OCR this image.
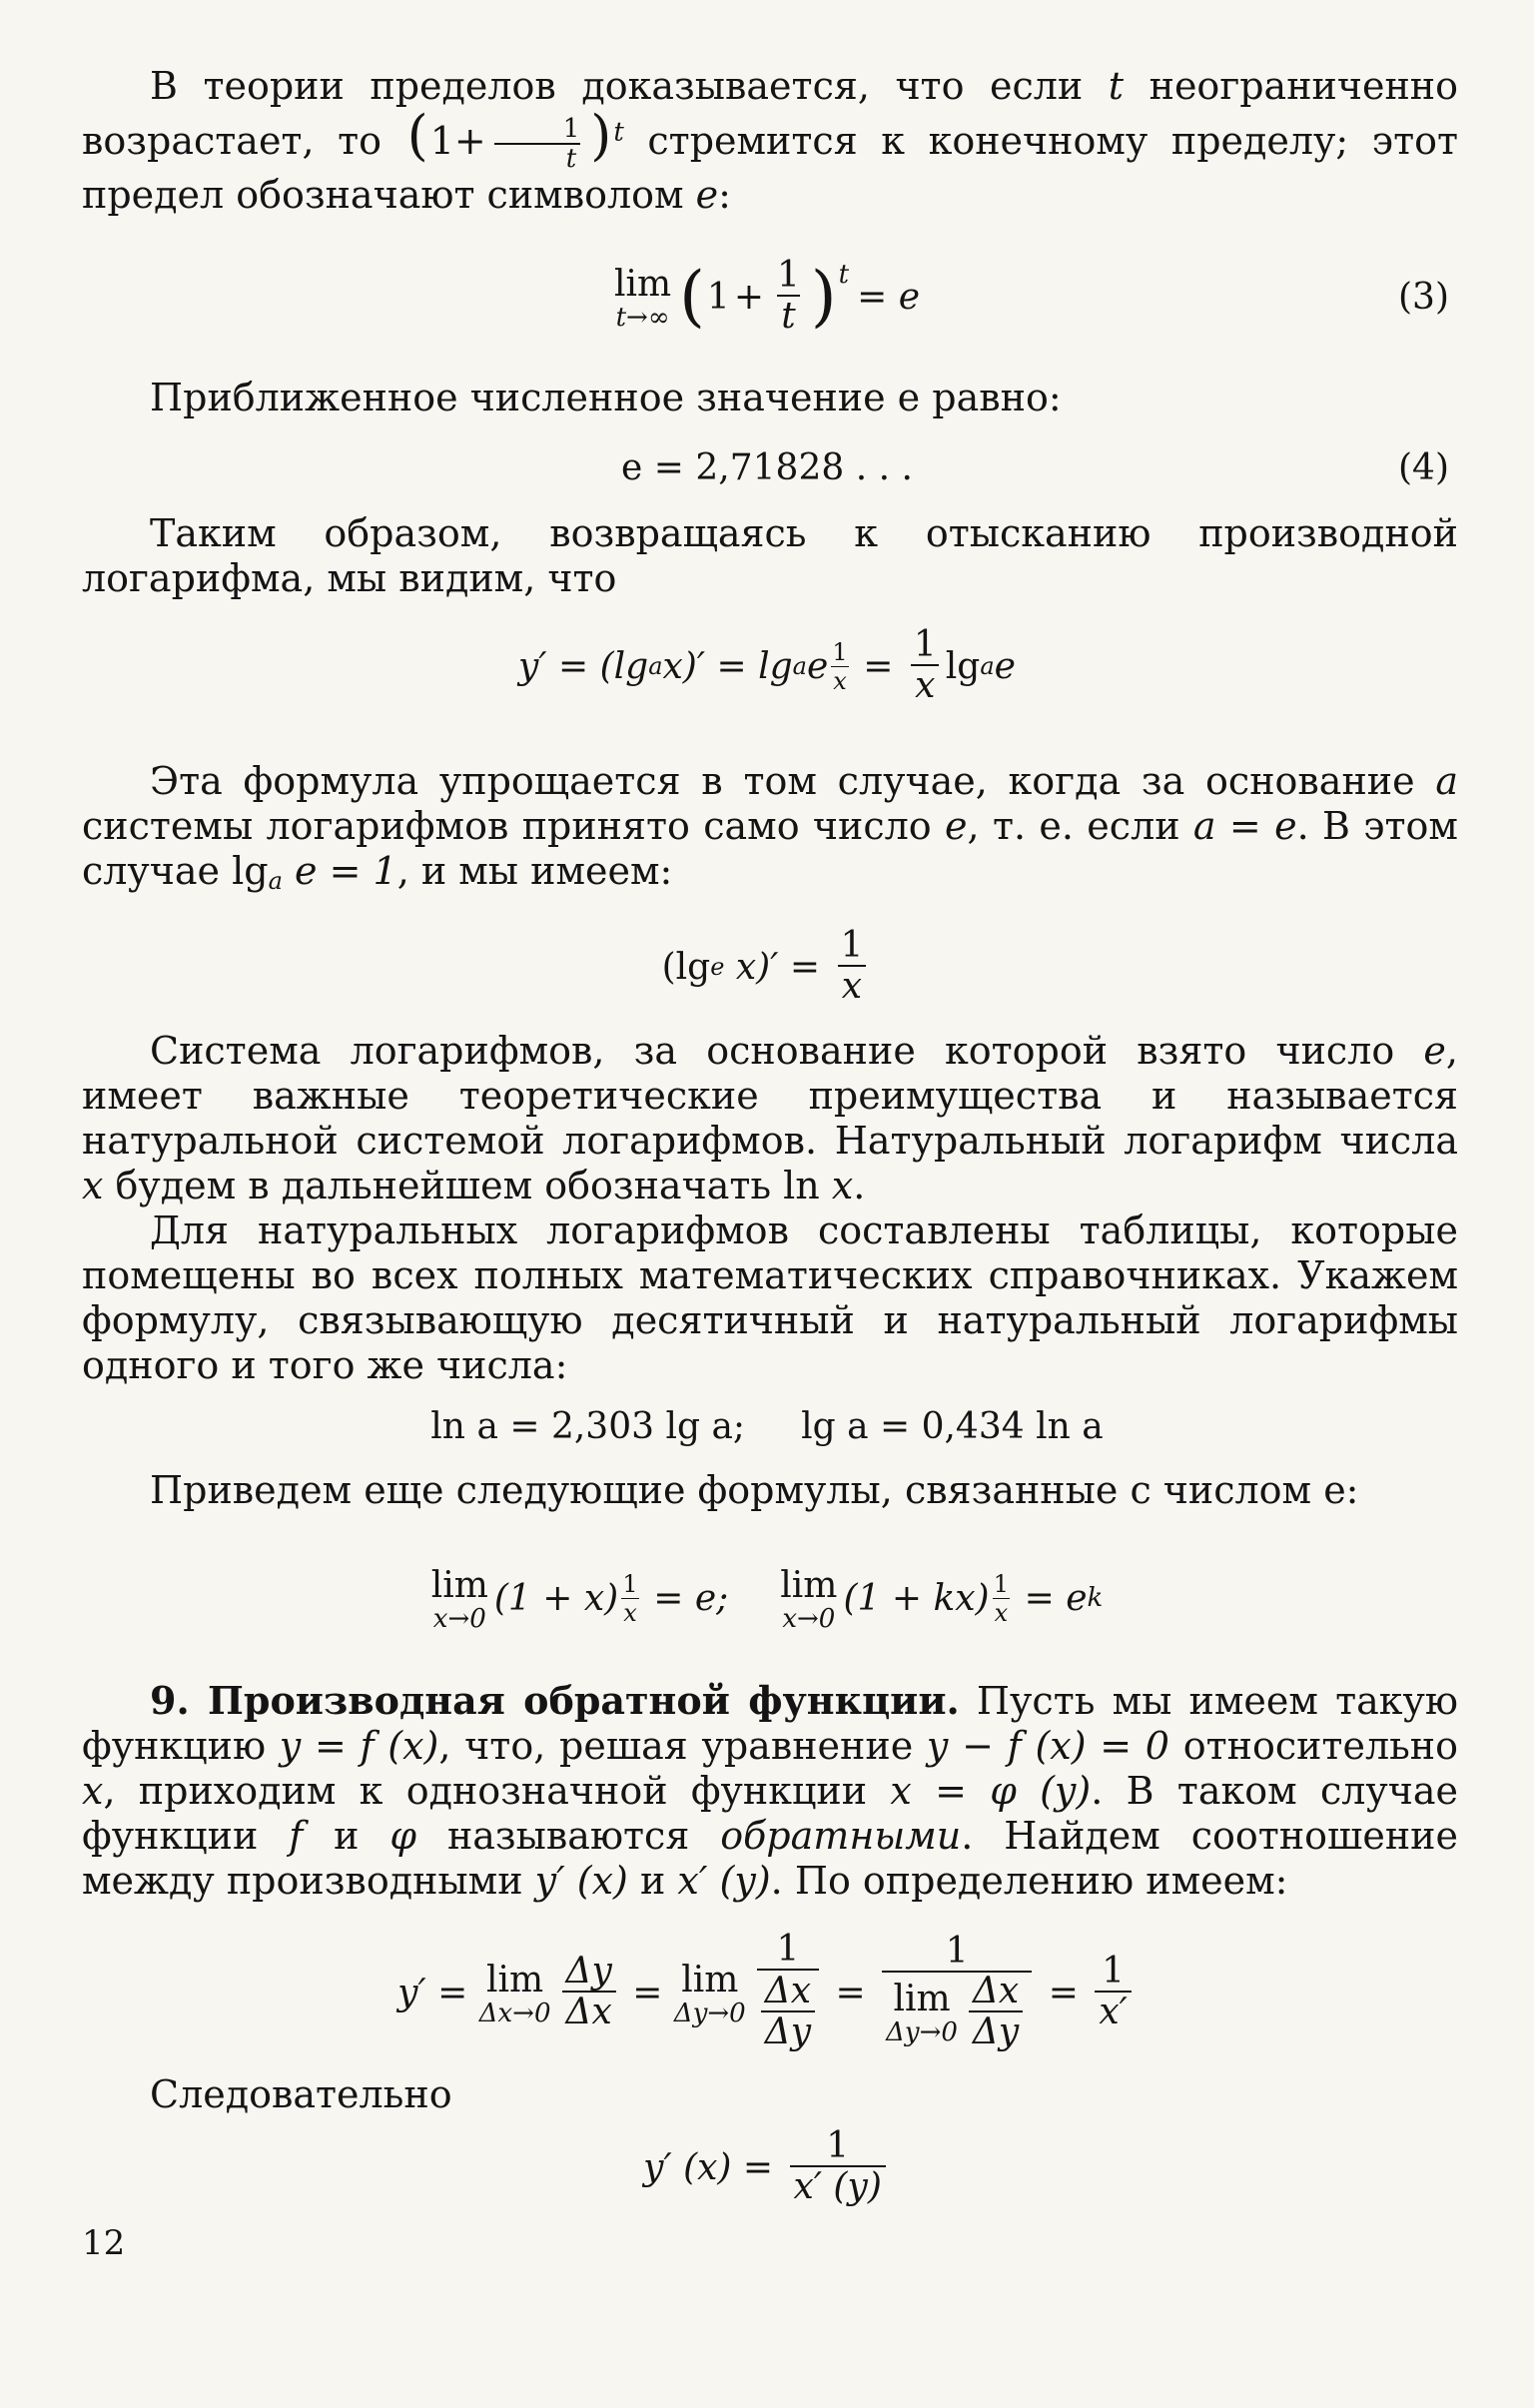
В теории пределов доказывается, что если t неограниченно возрастает, то $(1+ \frac{1}{t} )^t$ стремится к конечному пределу; этот предел обозначают символом e:

lim
t→∞ ( $1 + \frac{1}{t}$ ) $^t$
= e	(3)

Приближенное численное значение e равно:

e = 2,71828 . . .	(4)

Таким образом, возвращаясь к отысканию производной логарифма, мы видим, что

y′ = (lg a x)′ = lg a e $\frac{1}{x} = \frac{1}{x}$ lg a e

Эта формула упрощается в том случае, когда за основание a системы логарифмов принято само число e, т. е. если a = e. В этом случае lga e = 1, и мы имеем:

(lg e $x)' = \frac{1}{x}$

Система логарифмов, за основание которой взято число e, имеет важные теоретические преимущества и называется натуральной системой логарифмов. Натуральный логарифм числа x будем в дальнейшем обозначать ln x.

Для натуральных логарифмов составлены таблицы, которые помещены во всех полных математических справочниках. Укажем формулу, связывающую десятичный и натуральный логарифмы одного и того же числа:

ln a = 2,303 lg a; lg a = 0,434 ln a

Приведем еще следующие формулы, связанные с числом e:

lim
x→0 $(1 + x) \frac{1}{x} = e$; lim
x→0 $(1 + kx) \frac{1}{x} = e$ k

9. Производная обратной функции. Пусть мы имеем такую функцию y = f (x), что, решая уравнение y − f (x) = 0 относительно x, приходим к однозначной функции x = φ (y). В таком случае функции f и φ называются обратными. Найдем соотношение между производными y′ (x) и x′ (y). По определению имеем:

y′ = lim
$\Delta x\to 0 \frac{\Delta y}{\Delta x} = \lim$
$\Delta y\to 0 \frac{1}{\frac{\Delta x}{\Delta y}} = 1$
lim
$\Delta y\to 0 \frac{\Delta x}{\Delta y} = \frac{1}{x'}$

Следовательно

y′ $(x) = \frac{1}{x' (y)}$
12
